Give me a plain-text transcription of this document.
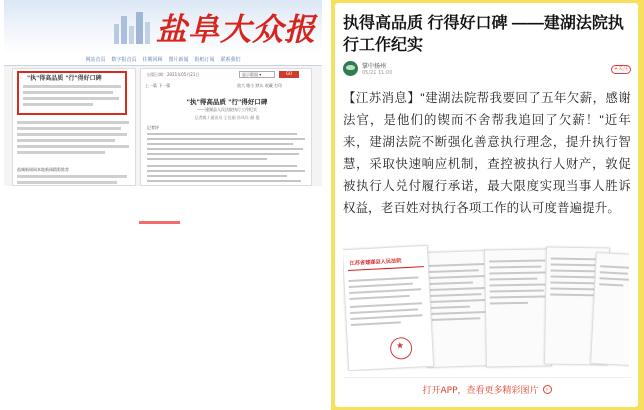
盐阜大众报
网站首页 数字报首页 往期回顾 图片新闻 报纸订阅 联系我们
"执"得高品质 "行"得好口碑
盐城新闻网本地新闻精彩推荐
出版日期：2021年05月21日	显示版面 ▾	GO
上一篇 下一篇	放大 缩小 默认 收藏 打印
"执"得高品质 "行"得好口碑
——建湖县人民法院执行工作纪实
记者姚 / 通讯员 王佳丽 孙凤年 颜 俊
记者评
执得高品质 行得好口碑 ——建湖法院执行工作纪实
掌中扬州
05/21 11:00
+关注
【江苏消息】"建湖法院帮我要回了五年欠薪，感谢法官，是他们的锲而不舍帮我追回了欠薪！"近年来，建湖法院不断强化善意执行理念，提升执行智慧，采取快速响应机制，查控被执行人财产，敦促被执行人兑付履行承诺，最大限度实现当事人胜诉权益，老百姓对执行各项工作的认可度普遍提升。
江苏省建湖县人民法院
★
打开APP，查看更多精彩图片	›
